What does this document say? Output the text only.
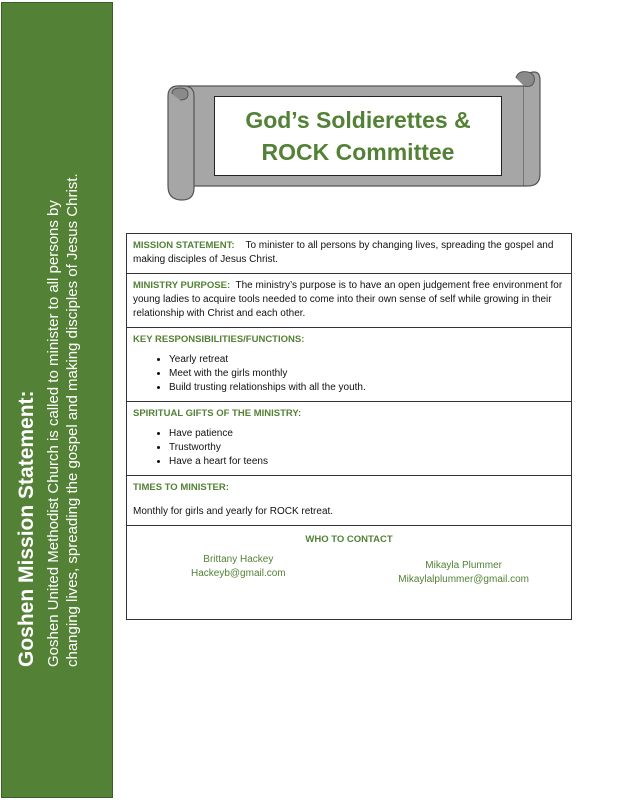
Goshen Mission Statement: Goshen United Methodist Church is called to minister to all persons by changing lives, spreading the gospel and making disciples of Jesus Christ.
God’s Soldierettes &
ROCK Committee
MISSION STATEMENT: To minister to all persons by changing lives, spreading the gospel and making disciples of Jesus Christ.
MINISTRY PURPOSE: The ministry’s purpose is to have an open judgement free environment for young ladies to acquire tools needed to come into their own sense of self while growing in their relationship with Christ and each other.
KEY RESPONSIBILITIES/FUNCTIONS:
• Yearly retreat
• Meet with the girls monthly
• Build trusting relationships with all the youth.
SPIRITUAL GIFTS OF THE MINISTRY:
• Have patience
• Trustworthy
• Have a heart for teens
TIMES TO MINISTER:
Monthly for girls and yearly for ROCK retreat.
WHO TO CONTACT
Brittany Hackey
Hackeyb@gmail.com
Mikayla Plummer
Mikaylalplummer@gmail.com
